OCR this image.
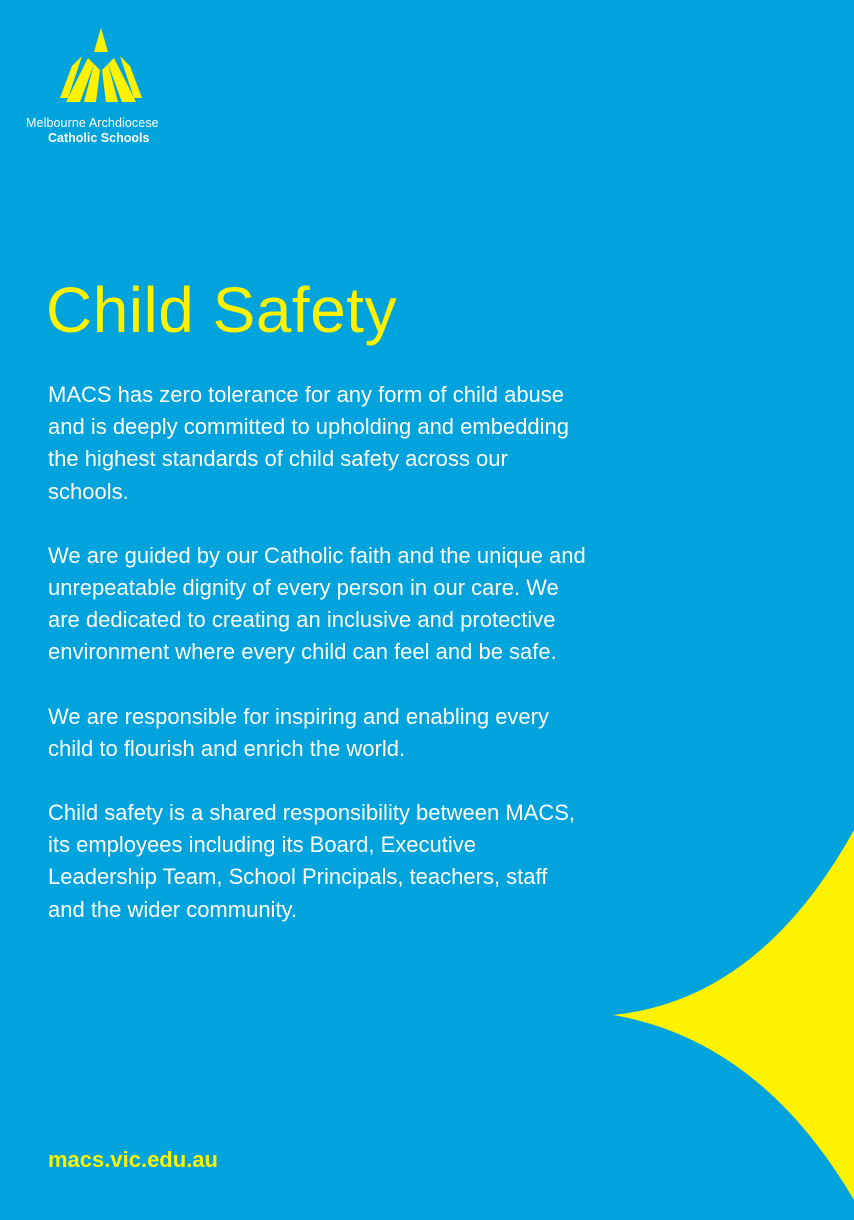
Melbourne Archdiocese
Catholic Schools
Child Safety

MACS has zero tolerance for any form of child abuse and is deeply committed to upholding and embedding the highest standards of child safety across our schools.

We are guided by our Catholic faith and the unique and unrepeatable dignity of every person in our care. We are dedicated to creating an inclusive and protective environment where every child can feel and be safe.

We are responsible for inspiring and enabling every child to flourish and enrich the world.

Child safety is a shared responsibility between MACS, its employees including its Board, Executive Leadership Team, School Principals, teachers, staff and the wider community.

macs.vic.edu.au
